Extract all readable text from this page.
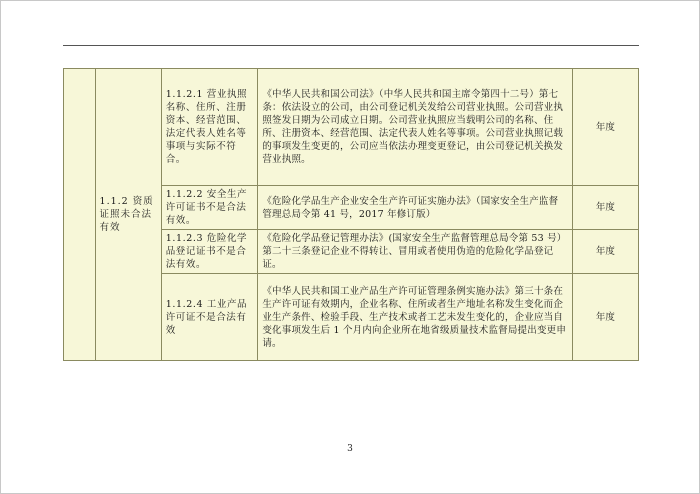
	1.1.2 资质证照未合法有效	1.1.2.1 营业执照名称、住所、注册资本、经营范围、法定代表人姓名等事项与实际不符合。	《中华人民共和国公司法》（中华人民共和国主席令第四十二号）第七条：依法设立的公司，由公司登记机关发给公司营业执照。公司营业执照签发日期为公司成立日期。公司营业执照应当载明公司的名称、住所、注册资本、经营范围、法定代表人姓名等事项。公司营业执照记载的事项发生变更的，公司应当依法办理变更登记，由公司登记机关换发营业执照。	年度
		1.1.2.2 安全生产许可证书不是合法有效。	《危险化学品生产企业安全生产许可证实施办法》（国家安全生产监督管理总局令第 41 号，2017 年修订版）	年度
		1.1.2.3 危险化学品登记证书不是合法有效。	《危险化学品登记管理办法》(国家安全生产监督管理总局令第 53 号）第二十三条登记企业不得转让、冒用或者使用伪造的危险化学品登记证。	年度
		1.1.2.4 工业产品许可证不是合法有效	《中华人民共和国工业产品生产许可证管理条例实施办法》第三十条在生产许可证有效期内，企业名称、住所或者生产地址名称发生变化而企业生产条件、检验手段、生产技术或者工艺未发生变化的，企业应当自变化事项发生后 1 个月内向企业所在地省级质量技术监督局提出变更申请。	年度
3
